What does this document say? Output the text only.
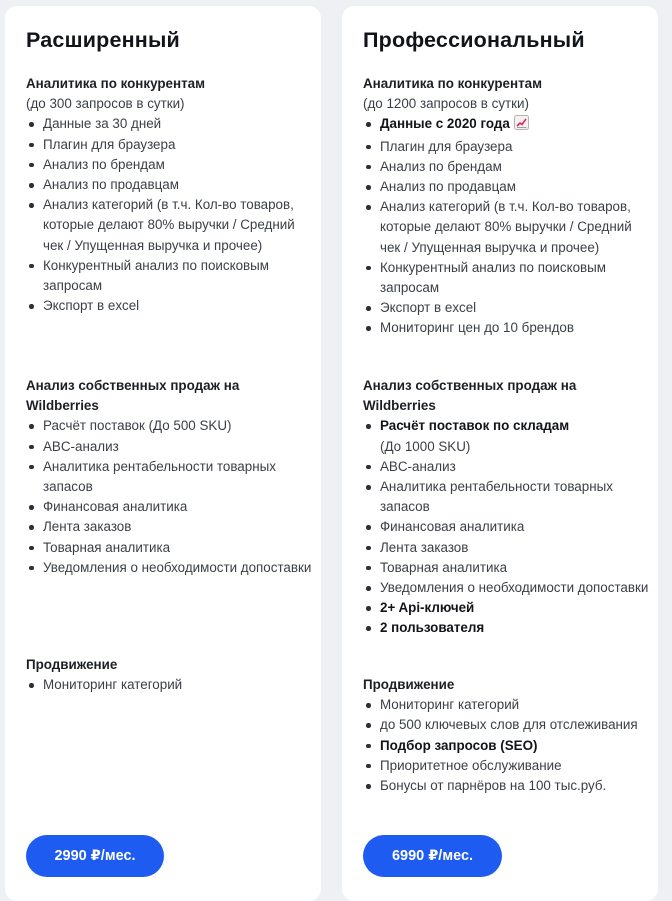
Расширенный

Аналитика по конкурентам

(до 300 запросов в сутки)

Данные за 30 дней
Плагин для браузера
Анализ по брендам
Анализ по продавцам
Анализ категорий (в т.ч. Кол-во товаров, которые делают 80% выручки / Средний чек / Упущенная выручка и прочее)
Конкурентный анализ по поисковым запросам
Экспорт в excel

Анализ собственных продаж на Wildberries

Расчёт поставок (До 500 SKU)
ABC-анализ
Аналитика рентабельности товарных запасов
Финансовая аналитика
Лента заказов
Товарная аналитика
Уведомления о необходимости допоставки

Продвижение

Мониторинг категорий
2990 ₽/мес.
Профессиональный

Аналитика по конкурентам

(до 1200 запросов в сутки)

Данные с 2020 года
Плагин для браузера
Анализ по брендам
Анализ по продавцам
Анализ категорий (в т.ч. Кол-во товаров, которые делают 80% выручки / Средний чек / Упущенная выручка и прочее)
Конкурентный анализ по поисковым запросам
Экспорт в excel
Мониторинг цен до 10 брендов

Анализ собственных продаж на Wildberries

Расчёт поставок по складам
(До 1000 SKU)
ABC-анализ
Аналитика рентабельности товарных запасов
Финансовая аналитика
Лента заказов
Товарная аналитика
Уведомления о необходимости допоставки
2+ Api-ключей
2 пользователя

Продвижение

Мониторинг категорий
до 500 ключевых слов для отслеживания
Подбор запросов (SEO)
Приоритетное обслуживание
Бонусы от парнёров на 100 тыс.руб.
6990 ₽/мес.
